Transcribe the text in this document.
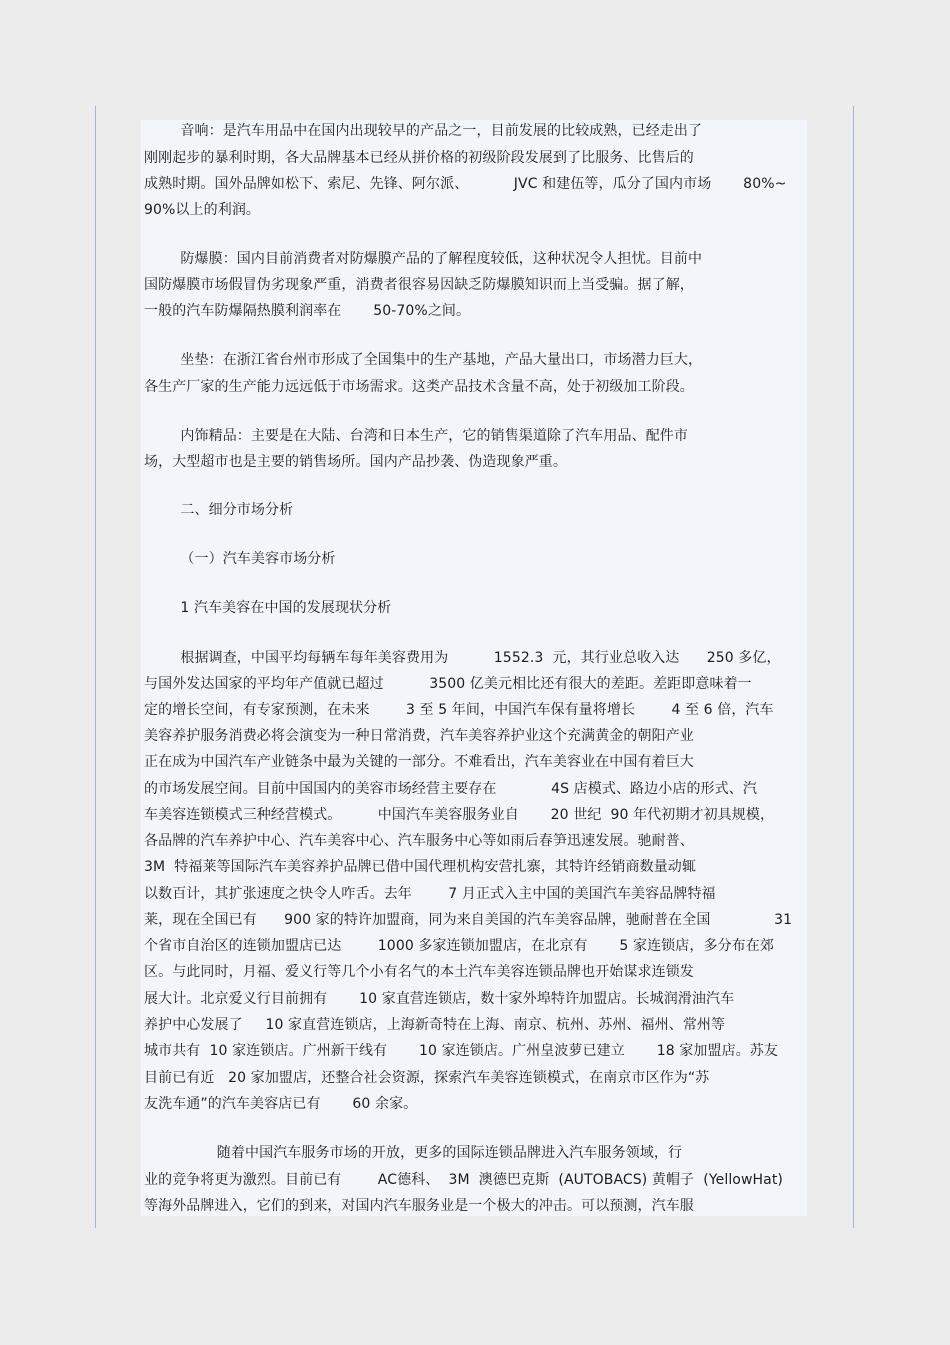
音响：是汽车用品中在国内出现较早的产品之一，目前发展的比较成熟，已经走出了
刚刚起步的暴利时期，各大品牌基本已经从拼价格的初级阶段发展到了比服务、比售后的
成熟时期。国外品牌如松下、索尼、先锋、阿尔派、          JVC 和建伍等，瓜分了国内市场       80%~
90%以上的利润。
防爆膜：国内目前消费者对防爆膜产品的了解程度较低，这种状况令人担忧。目前中
国防爆膜市场假冒伪劣现象严重，消费者很容易因缺乏防爆膜知识而上当受骗。据了解，
一般的汽车防爆隔热膜利润率在       50-70%之间。
坐垫：在浙江省台州市形成了全国集中的生产基地，产品大量出口，市场潜力巨大，
各生产厂家的生产能力远远低于市场需求。这类产品技术含量不高，处于初级加工阶段。
内饰精品：主要是在大陆、台湾和日本生产，它的销售渠道除了汽车用品、配件市
场，大型超市也是主要的销售场所。国内产品抄袭、伪造现象严重。
二、细分市场分析
（一）汽车美容市场分析
1 汽车美容在中国的发展现状分析
根据调查，中国平均每辆车每年美容费用为          1552.3  元，其行业总收入达      250 多亿，
与国外发达国家的平均年产值就已超过          3500 亿美元相比还有很大的差距。差距即意味着一
定的增长空间，有专家预测，在未来        3 至 5 年间，中国汽车保有量将增长        4 至 6 倍，汽车
美容养护服务消费必将会演变为一种日常消费，汽车美容养护业这个充满黄金的朝阳产业
正在成为中国汽车产业链条中最为关键的一部分。不难看出，汽车美容业在中国有着巨大
的市场发展空间。目前中国国内的美容市场经营主要存在            4S 店模式、路边小店的形式、汽
车美容连锁模式三种经营模式。        中国汽车美容服务业自       20 世纪  90 年代初期才初具规模，
各品牌的汽车养护中心、汽车美容中心、汽车服务中心等如雨后春笋迅速发展。驰耐普、
3M  特福莱等国际汽车美容养护品牌已借中国代理机构安营扎寨，其特许经销商数量动辄
以数百计，其扩张速度之快令人咋舌。去年        7 月正式入主中国的美国汽车美容品牌特福
莱，现在全国已有      900 家的特许加盟商，同为来自美国的汽车美容品牌，驰耐普在全国              31
个省市自治区的连锁加盟店已达        1000 多家连锁加盟店，在北京有       5 家连锁店，多分布在郊
区。与此同时，月福、爱义行等几个小有名气的本土汽车美容连锁品牌也开始谋求连锁发
展大计。北京爱义行目前拥有       10 家直营连锁店，数十家外埠特许加盟店。长城润滑油汽车
养护中心发展了     10 家直营连锁店，上海新奇特在上海、南京、杭州、苏州、福州、常州等
城市共有  10 家连锁店。广州新干线有       10 家连锁店。广州皇波萝已建立       18 家加盟店。苏友
目前已有近   20 家加盟店，还整合社会资源，探索汽车美容连锁模式，在南京市区作为“苏
友洗车通”的汽车美容店已有       60 余家。
随着中国汽车服务市场的开放，更多的国际连锁品牌进入汽车服务领域，行
业的竞争将更为激烈。目前已有        AC德科、  3M  澳德巴克斯  (AUTOBACS) 黄帽子  (YellowHat)
等海外品牌进入，它们的到来，对国内汽车服务业是一个极大的冲击。可以预测，汽车服
